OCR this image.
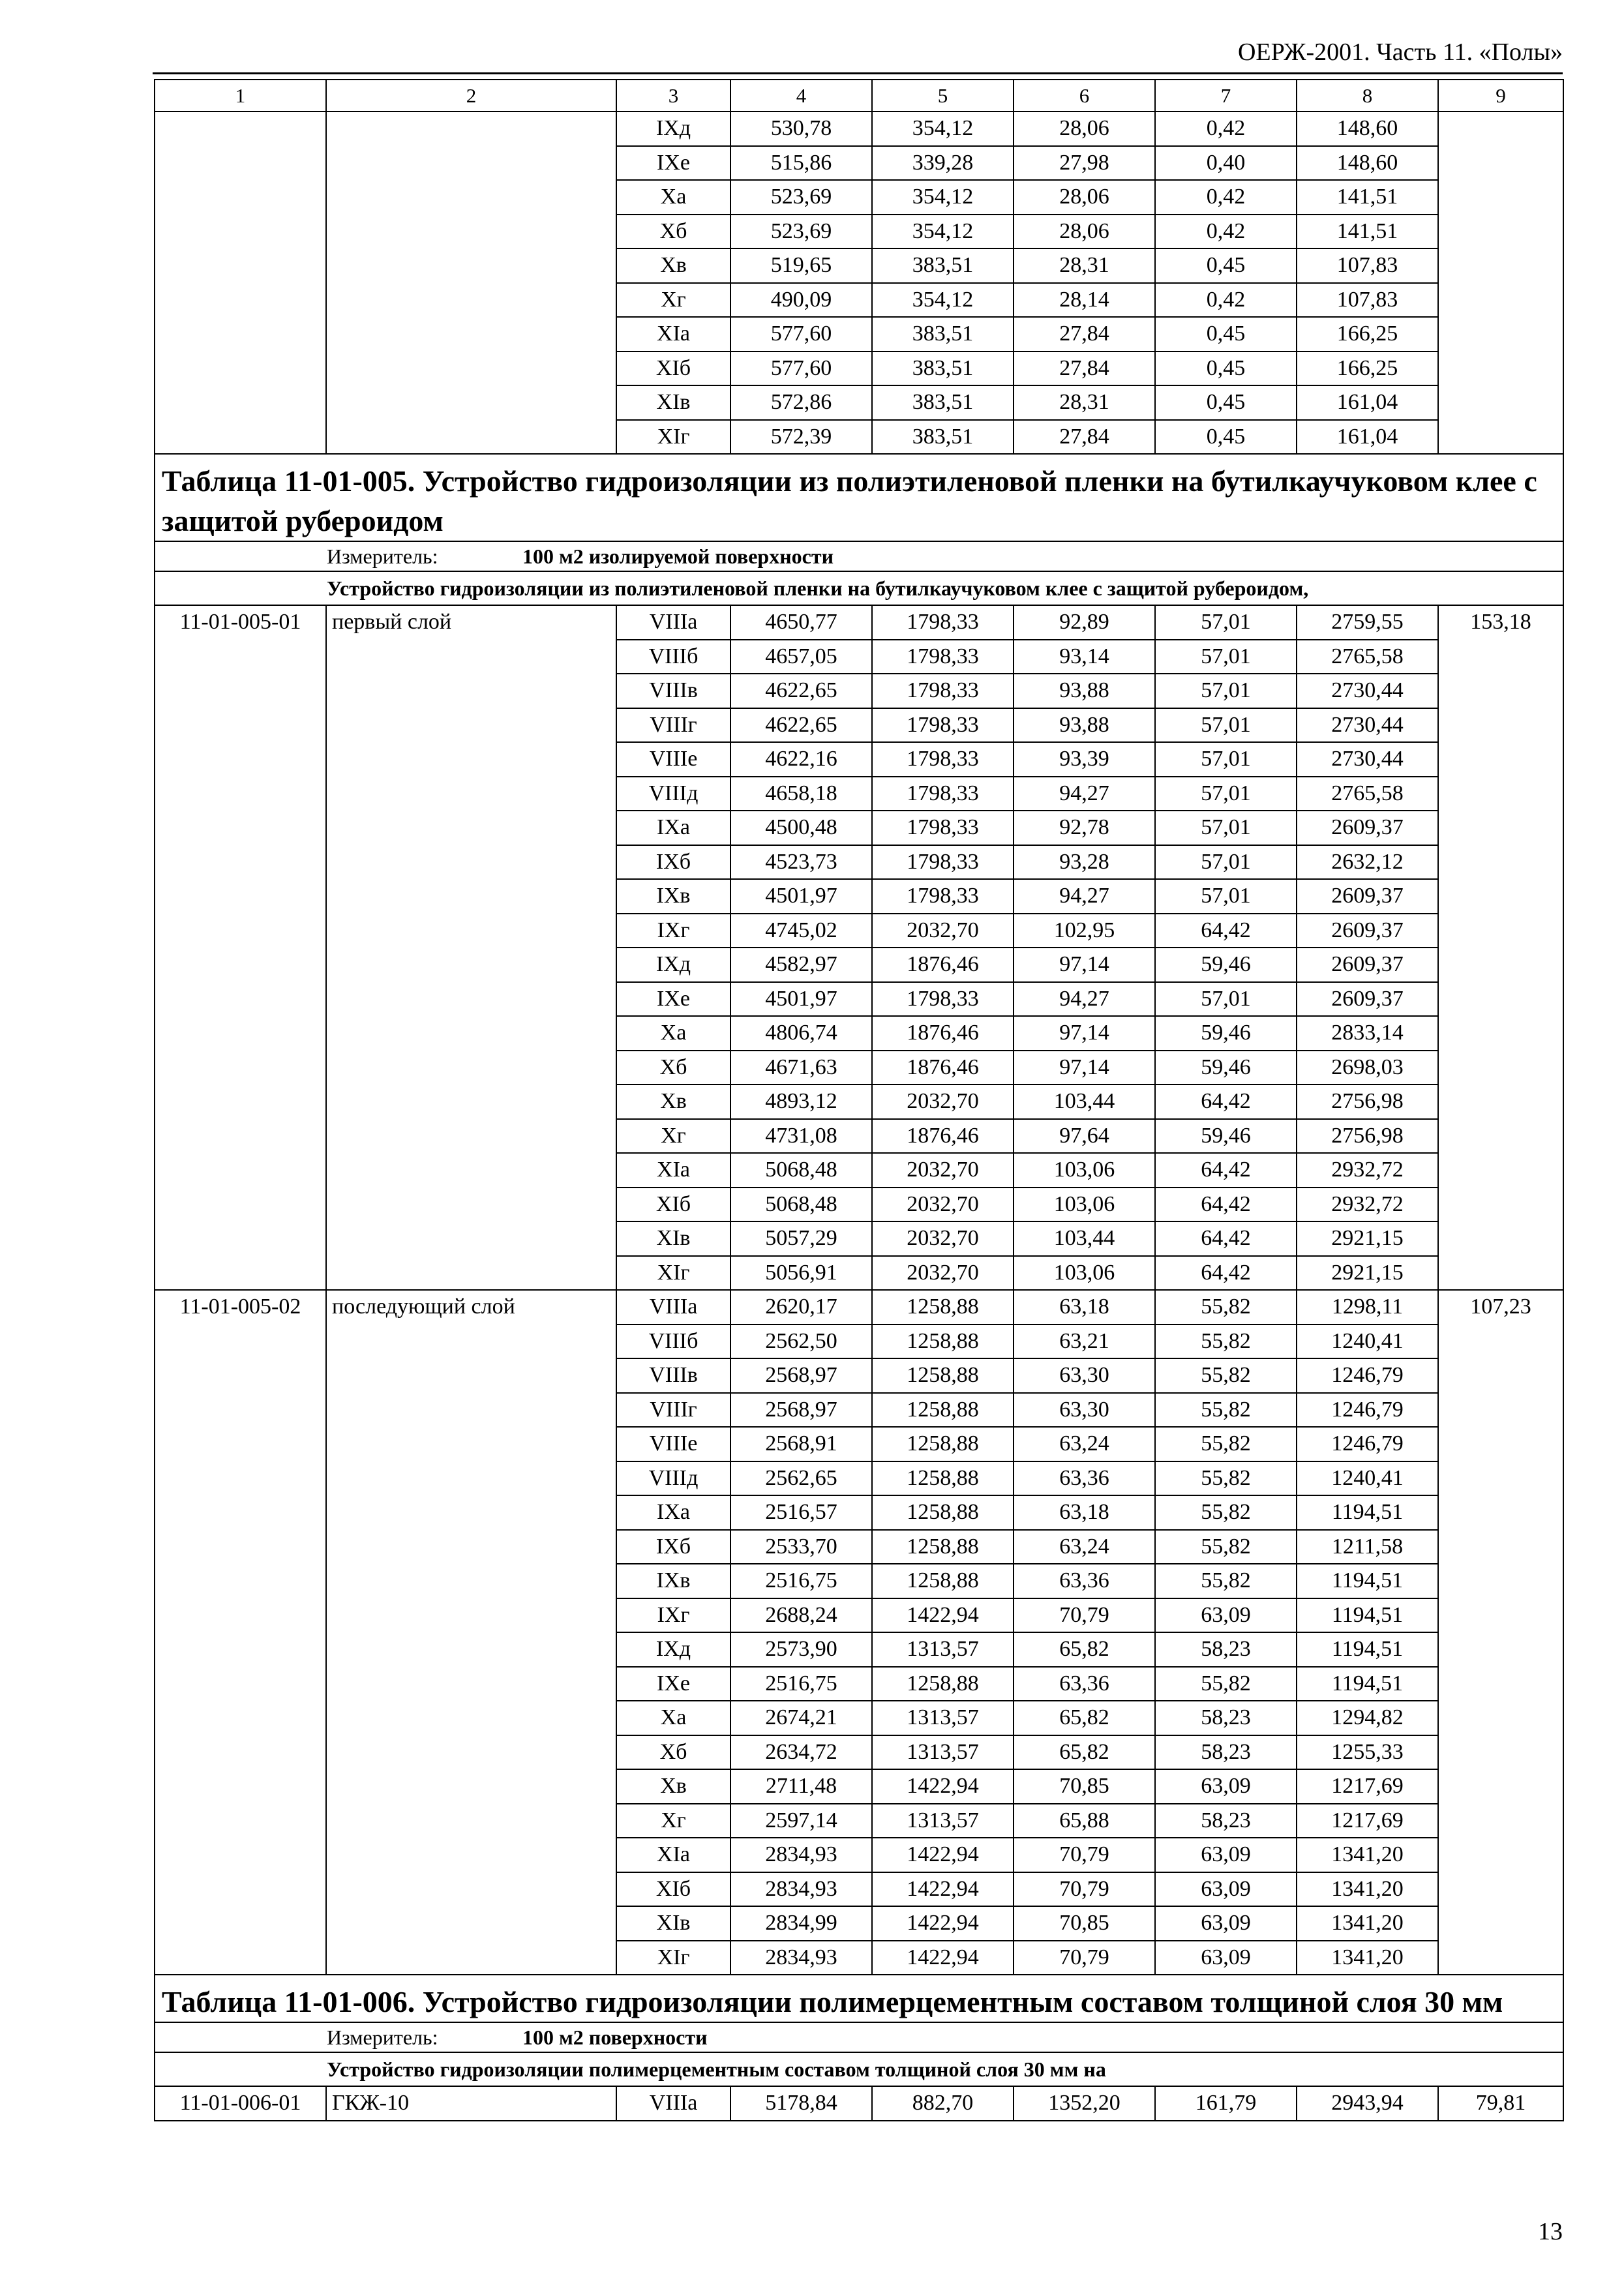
ОЕРЖ-2001. Часть 11. «Полы»
1	2	3	4	5	6	7	8	9
		IXд	530,78	354,12	28,06	0,42	148,60	
		IXе	515,86	339,28	27,98	0,40	148,60	
		Xа	523,69	354,12	28,06	0,42	141,51	
		Xб	523,69	354,12	28,06	0,42	141,51	
		Xв	519,65	383,51	28,31	0,45	107,83	
		Xг	490,09	354,12	28,14	0,42	107,83	
		XIа	577,60	383,51	27,84	0,45	166,25	
		XIб	577,60	383,51	27,84	0,45	166,25	
		XIв	572,86	383,51	28,31	0,45	161,04	
		XIг	572,39	383,51	27,84	0,45	161,04	
Таблица 11-01-005. Устройство гидроизоляции из полиэтиленовой пленки на бутилкаучуковом клее с защитой рубероидом								
Измеритель: 100 м2 изолируемой поверхности								
Устройство гидроизоляции из полиэтиленовой пленки на бутилкаучуковом клее с защитой рубероидом,								
11-01-005-01	первый слой	VIIIа	4650,77	1798,33	92,89	57,01	2759,55	153,18
		VIIIб	4657,05	1798,33	93,14	57,01	2765,58	
		VIIIв	4622,65	1798,33	93,88	57,01	2730,44	
		VIIIг	4622,65	1798,33	93,88	57,01	2730,44	
		VIIIе	4622,16	1798,33	93,39	57,01	2730,44	
		VIIIд	4658,18	1798,33	94,27	57,01	2765,58	
		IXа	4500,48	1798,33	92,78	57,01	2609,37	
		IXб	4523,73	1798,33	93,28	57,01	2632,12	
		IXв	4501,97	1798,33	94,27	57,01	2609,37	
		IXг	4745,02	2032,70	102,95	64,42	2609,37	
		IXд	4582,97	1876,46	97,14	59,46	2609,37	
		IXе	4501,97	1798,33	94,27	57,01	2609,37	
		Xа	4806,74	1876,46	97,14	59,46	2833,14	
		Xб	4671,63	1876,46	97,14	59,46	2698,03	
		Xв	4893,12	2032,70	103,44	64,42	2756,98	
		Xг	4731,08	1876,46	97,64	59,46	2756,98	
		XIа	5068,48	2032,70	103,06	64,42	2932,72	
		XIб	5068,48	2032,70	103,06	64,42	2932,72	
		XIв	5057,29	2032,70	103,44	64,42	2921,15	
		XIг	5056,91	2032,70	103,06	64,42	2921,15	
11-01-005-02	последующий слой	VIIIа	2620,17	1258,88	63,18	55,82	1298,11	107,23
		VIIIб	2562,50	1258,88	63,21	55,82	1240,41	
		VIIIв	2568,97	1258,88	63,30	55,82	1246,79	
		VIIIг	2568,97	1258,88	63,30	55,82	1246,79	
		VIIIе	2568,91	1258,88	63,24	55,82	1246,79	
		VIIIд	2562,65	1258,88	63,36	55,82	1240,41	
		IXа	2516,57	1258,88	63,18	55,82	1194,51	
		IXб	2533,70	1258,88	63,24	55,82	1211,58	
		IXв	2516,75	1258,88	63,36	55,82	1194,51	
		IXг	2688,24	1422,94	70,79	63,09	1194,51	
		IXд	2573,90	1313,57	65,82	58,23	1194,51	
		IXе	2516,75	1258,88	63,36	55,82	1194,51	
		Xа	2674,21	1313,57	65,82	58,23	1294,82	
		Xб	2634,72	1313,57	65,82	58,23	1255,33	
		Xв	2711,48	1422,94	70,85	63,09	1217,69	
		Xг	2597,14	1313,57	65,88	58,23	1217,69	
		XIа	2834,93	1422,94	70,79	63,09	1341,20	
		XIб	2834,93	1422,94	70,79	63,09	1341,20	
		XIв	2834,99	1422,94	70,85	63,09	1341,20	
		XIг	2834,93	1422,94	70,79	63,09	1341,20	
Таблица 11-01-006. Устройство гидроизоляции полимерцементным составом толщиной слоя 30 мм								
Измеритель: 100 м2 поверхности								
Устройство гидроизоляции полимерцементным составом толщиной слоя 30 мм на								
11-01-006-01	ГКЖ-10	VIIIа	5178,84	882,70	1352,20	161,79	2943,94	79,81
13
